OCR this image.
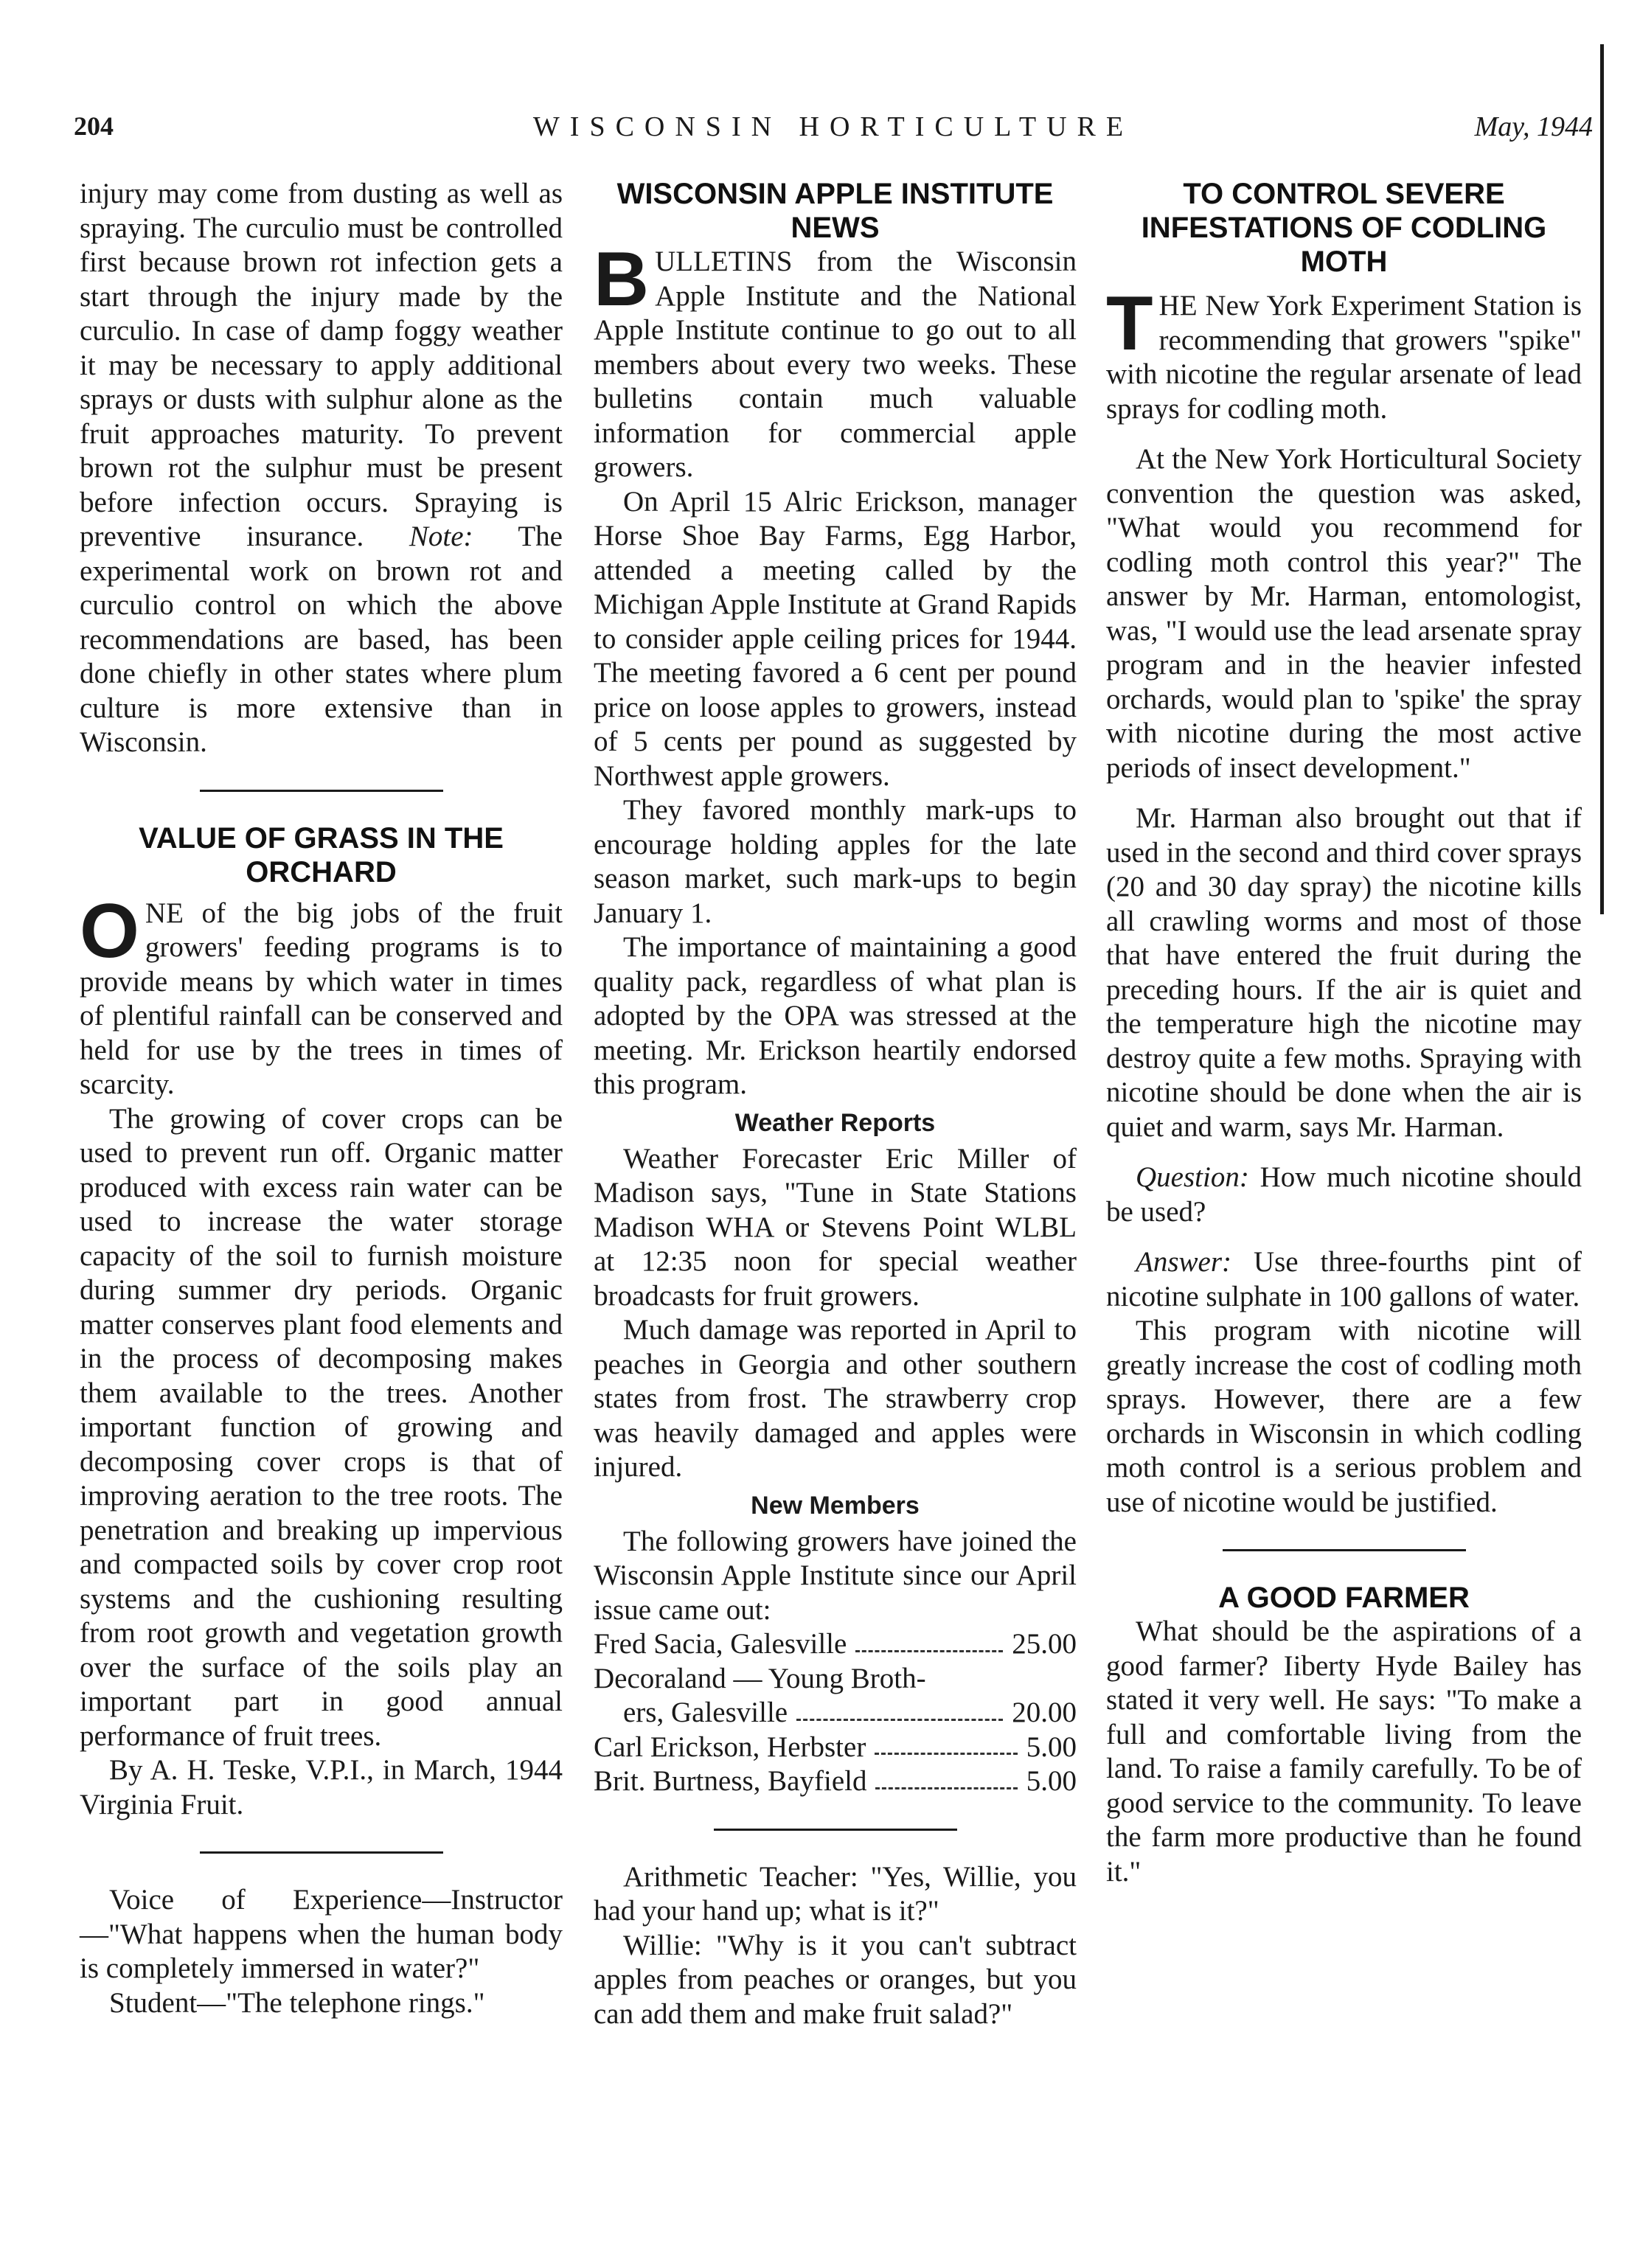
204	WISCONSIN HORTICULTURE	May, 1944

injury may come from dusting as well as spraying. The curculio must be controlled first because brown rot infection gets a start through the injury made by the curculio. In case of damp foggy weather it may be necessary to apply additional sprays or dusts with sulphur alone as the fruit approaches maturity. To prevent brown rot the sulphur must be present before infection occurs. Spraying is preventive insurance. Note: The experimental work on brown rot and curculio control on which the above recommendations are based, has been done chiefly in other states where plum culture is more extensive than in Wisconsin.

VALUE OF GRASS IN THE ORCHARD

ONE of the big jobs of the fruit growers' feeding programs is to provide means by which water in times of plentiful rainfall can be conserved and held for use by the trees in times of scarcity.

The growing of cover crops can be used to prevent run off. Organic matter produced with excess rain water can be used to increase the water storage capacity of the soil to furnish moisture during summer dry periods. Organic matter conserves plant food elements and in the process of decomposing makes them available to the trees. Another important function of growing and decomposing cover crops is that of improving aeration to the tree roots. The penetration and breaking up impervious and compacted soils by cover crop root systems and the cushioning resulting from root growth and vegetation growth over the surface of the soils play an important part in good annual performance of fruit trees.

By A. H. Teske, V.P.I., in March, 1944 Virginia Fruit.

Voice of Experience—Instructor —"What happens when the human body is completely immersed in water?"

Student—"The telephone rings."

WISCONSIN APPLE INSTITUTE NEWS

BULLETINS from the Wisconsin Apple Institute and the National Apple Institute continue to go out to all members about every two weeks. These bulletins contain much valuable information for commercial apple growers.

On April 15 Alric Erickson, manager Horse Shoe Bay Farms, Egg Harbor, attended a meeting called by the Michigan Apple Institute at Grand Rapids to consider apple ceiling prices for 1944. The meeting favored a 6 cent per pound price on loose apples to growers, instead of 5 cents per pound as suggested by Northwest apple growers.

They favored monthly mark-ups to encourage holding apples for the late season market, such mark-ups to begin January 1.

The importance of maintaining a good quality pack, regardless of what plan is adopted by the OPA was stressed at the meeting. Mr. Erickson heartily endorsed this program.

Weather Reports

Weather Forecaster Eric Miller of Madison says, "Tune in State Stations Madison WHA or Stevens Point WLBL at 12:35 noon for special weather broadcasts for fruit growers.

Much damage was reported in April to peaches in Georgia and other southern states from frost. The strawberry crop was heavily damaged and apples were injured.

New Members

The following growers have joined the Wisconsin Apple Institute since our April issue came out:

Fred Sacia, Galesville	25.00
Decoraland — Young Broth-
ers, Galesville	20.00
Carl Erickson, Herbster	5.00
Brit. Burtness, Bayfield	5.00

Arithmetic Teacher: "Yes, Willie, you had your hand up; what is it?"

Willie: "Why is it you can't subtract apples from peaches or oranges, but you can add them and make fruit salad?"

TO CONTROL SEVERE INFESTATIONS OF CODLING MOTH

THE New York Experiment Station is recommending that growers "spike" with nicotine the regular arsenate of lead sprays for codling moth.

At the New York Horticultural Society convention the question was asked, "What would you recommend for codling moth control this year?" The answer by Mr. Harman, entomologist, was, "I would use the lead arsenate spray program and in the heavier infested orchards, would plan to 'spike' the spray with nicotine during the most active periods of insect development."

Mr. Harman also brought out that if used in the second and third cover sprays (20 and 30 day spray) the nicotine kills all crawling worms and most of those that have entered the fruit during the preceding hours. If the air is quiet and the temperature high the nicotine may destroy quite a few moths. Spraying with nicotine should be done when the air is quiet and warm, says Mr. Harman.

Question: How much nicotine should be used?

Answer: Use three-fourths pint of nicotine sulphate in 100 gallons of water.

This program with nicotine will greatly increase the cost of codling moth sprays. However, there are a few orchards in Wisconsin in which codling moth control is a serious problem and use of nicotine would be justified.

A GOOD FARMER

What should be the aspirations of a good farmer? Iiberty Hyde Bailey has stated it very well. He says: "To make a full and comfortable living from the land. To raise a family carefully. To be of good service to the community. To leave the farm more productive than he found it."
